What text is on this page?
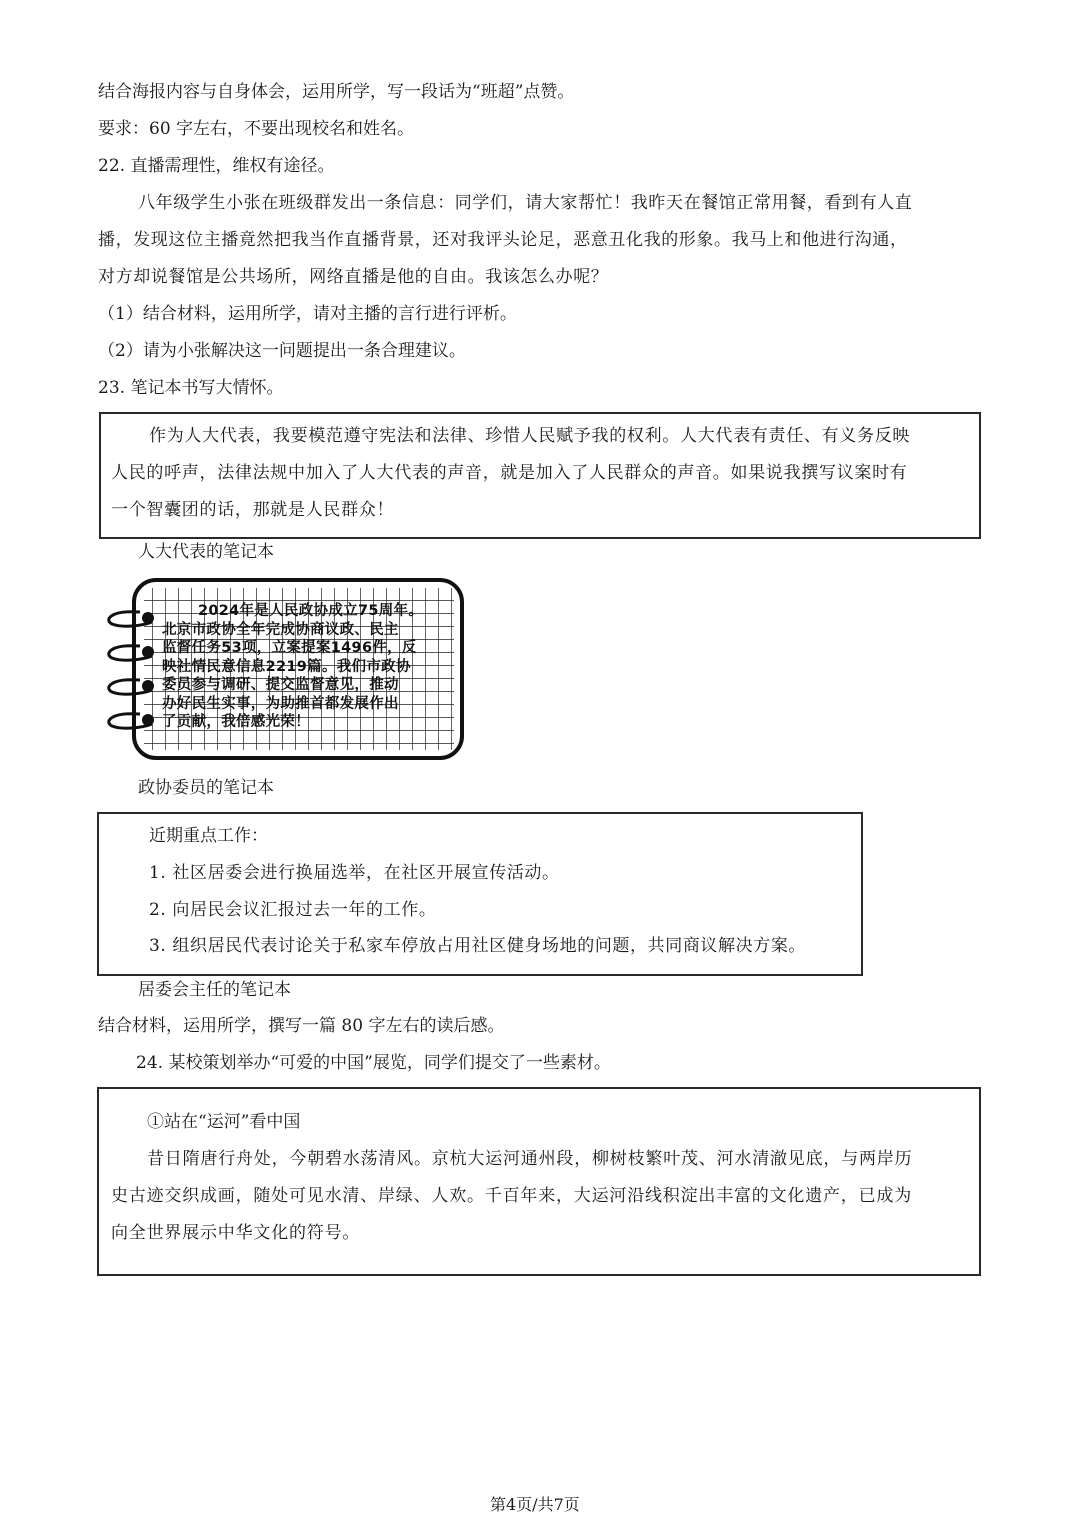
结合海报内容与自身体会，运用所学，写一段话为“班超”点赞。
要求：60 字左右，不要出现校名和姓名。
22. 直播需理性，维权有途径。
八年级学生小张在班级群发出一条信息：同学们，请大家帮忙！我昨天在餐馆正常用餐，看到有人直
播，发现这位主播竟然把我当作直播背景，还对我评头论足，恶意丑化我的形象。我马上和他进行沟通，
对方却说餐馆是公共场所，网络直播是他的自由。我该怎么办呢？
（1）结合材料，运用所学，请对主播的言行进行评析。
（2）请为小张解决这一问题提出一条合理建议。
23. 笔记本书写大情怀。
作为人大代表，我要模范遵守宪法和法律、珍惜人民赋予我的权利。人大代表有责任、有义务反映
人民的呼声，法律法规中加入了人大代表的声音，就是加入了人民群众的声音。如果说我撰写议案时有
一个智囊团的话，那就是人民群众！
人大代表的笔记本
2024年是人民政协成立75周年。
北京市政协全年完成协商议政、民主
监督任务53项，立案提案1496件，反
映社情民意信息2219篇。我们市政协
委员参与调研、提交监督意见，推动
办好民生实事，为助推首都发展作出
了贡献，我倍感光荣！
政协委员的笔记本
近期重点工作：
1. 社区居委会进行换届选举，在社区开展宣传活动。
2. 向居民会议汇报过去一年的工作。
3. 组织居民代表讨论关于私家车停放占用社区健身场地的问题，共同商议解决方案。
居委会主任的笔记本
结合材料，运用所学，撰写一篇 80 字左右的读后感。
24. 某校策划举办“可爱的中国”展览，同学们提交了一些素材。
①站在“运河”看中国
昔日隋唐行舟处，今朝碧水荡清风。京杭大运河通州段，柳树枝繁叶茂、河水清澈见底，与两岸历
史古迹交织成画，随处可见水清、岸绿、人欢。千百年来，大运河沿线积淀出丰富的文化遗产，已成为
向全世界展示中华文化的符号。
第4页/共7页
